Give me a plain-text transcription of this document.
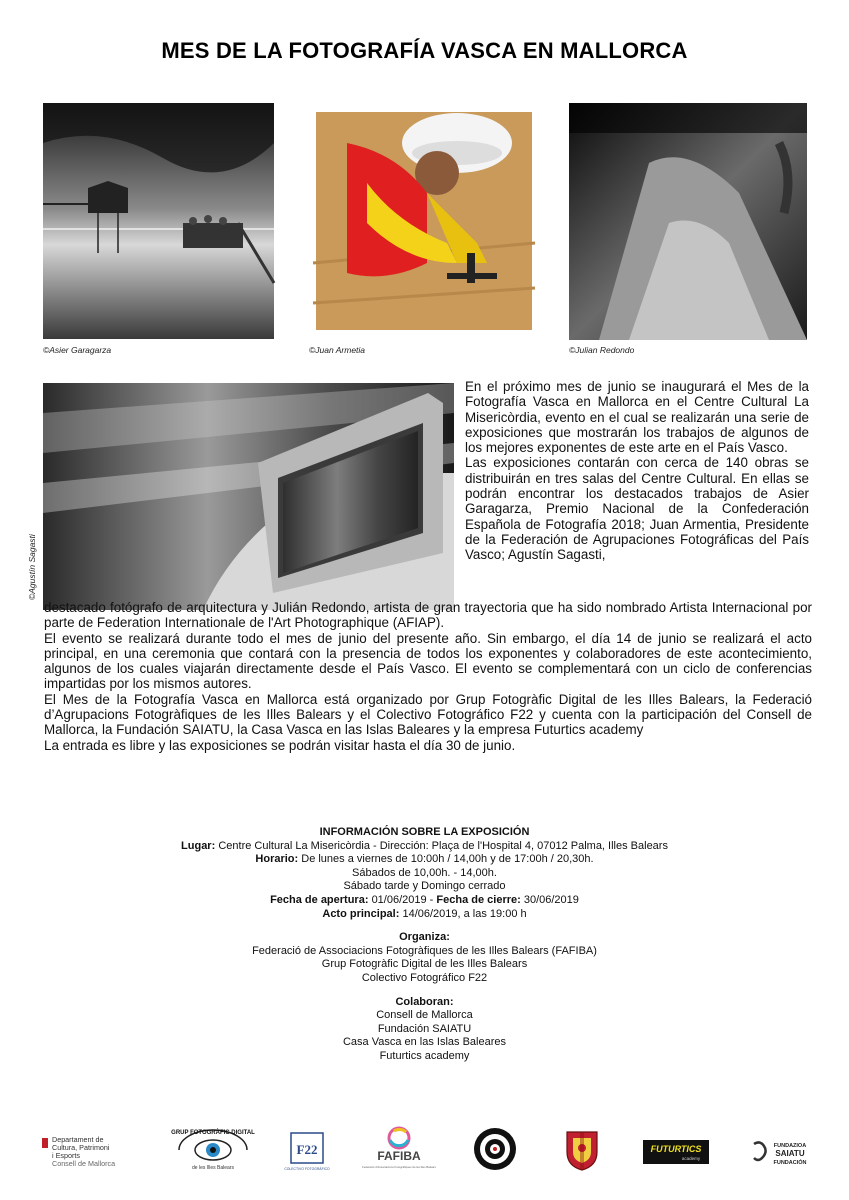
MES DE LA FOTOGRAFÍA VASCA EN MALLORCA
©Asier Garagarza	©Juan Armetia	©Julian Redondo
©Agustín Sagasti

En el próximo mes de junio se inaugurará el Mes de la Fotografía Vasca en Mallorca en el Centre Cultural La Misericòrdia, evento en el cual se realizarán una serie de exposiciones que mostrarán los trabajos de algunos de los mejores exponentes de este arte en el País Vasco.

Las exposiciones contarán con cerca de 140 obras se distribuirán en tres salas del Centre Cultural. En ellas se podrán encontrar los destacados trabajos de Asier Garagarza, Premio Nacional de la Confederación Española de Fotografía 2018; Juan Armentia, Presidente de la Federación de Agrupaciones Fotográficas del País Vasco; Agustín Sagasti,

destacado fotógrafo de arquitectura y Julián Redondo, artista de gran trayectoria que ha sido nombrado Artista Internacional por parte de Federation Internationale de l'Art Photographique (AFIAP).

El evento se realizará durante todo el mes de junio del presente año. Sin embargo, el día 14 de junio se realizará el acto principal, en una ceremonia que contará con la presencia de todos los exponentes y colaboradores de este acontecimiento, algunos de los cuales viajarán directamente desde el País Vasco. El evento se complementará con un ciclo de conferencias impartidas por los mismos autores.

El Mes de la Fotografía Vasca en Mallorca está organizado por Grup Fotogràfic Digital de les Illes Balears, la Federació d’Agrupacions Fotogràfiques de les Illes Balears y el Colectivo Fotográfico F22 y cuenta con la participación del Consell de Mallorca, la Fundación SAIATU, la Casa Vasca en las Islas Baleares y la empresa Futurtics academy

La entrada es libre y las exposiciones se podrán visitar hasta el día 30 de junio.

INFORMACIÓN SOBRE LA EXPOSICIÓN
Lugar: Centre Cultural La Misericòrdia - Dirección: Plaça de l'Hospital 4, 07012 Palma, Illes Balears
Horario: De lunes a viernes de 10:00h / 14,00h y de 17:00h / 20,30h.
Sábados de 10,00h. - 14,00h.
Sábado tarde y Domingo cerrado
Fecha de apertura: 01/06/2019 - Fecha de cierre: 30/06/2019
Acto principal: 14/06/2019, a las 19:00 h
Organiza:
Federació de Associacions Fotogràfiques de les Illes Balears (FAFIBA)
Grup Fotogràfic Digital de les Illes Balears
Colectivo Fotográfico F22
Colaboran:
Consell de Mallorca
Fundación SAIATU
Casa Vasca en las Islas Baleares
Futurtics academy
Departament de
Cultura, Patrimoni
i Esports
Consell de Mallorca
GRUP FOTOGRÀFIC DIGITAL
de les Illes Balears
F22
COLECTIVO FOTOGRÁFICO
FAFIBA
Federació d'Associacions Fotogràfiques de les Illes Balears
FUTURTICS
academy
FUNDAZIOA
SAIATU
FUNDACIÓN
